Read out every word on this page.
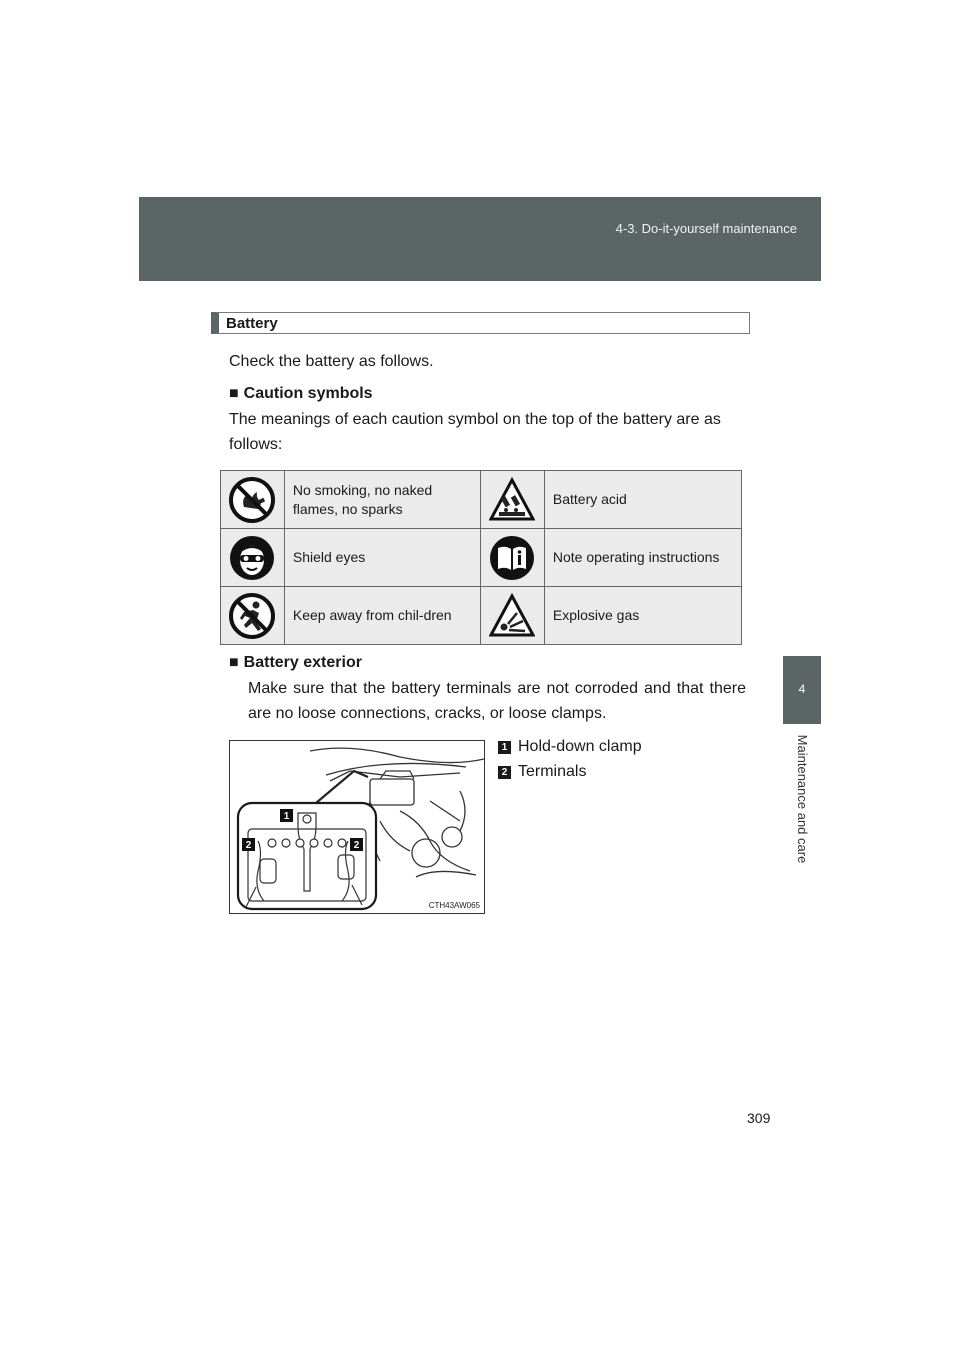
4-3. Do-it-yourself maintenance
4
Maintenance and care
Battery
Check the battery as follows.
■ Caution symbols
The meanings of each caution symbol on the top of the battery are as follows:
	No smoking, no naked flames, no sparks		Battery acid
	Shield eyes		Note operating instructions
	Keep away from chil-dren		Explosive gas
■ Battery exterior
Make sure that the battery terminals are not corroded and that there are no loose connections, cracks, or loose clamps.
1
2	2
CTH43AW065
1 Hold-down clamp
2 Terminals
309
